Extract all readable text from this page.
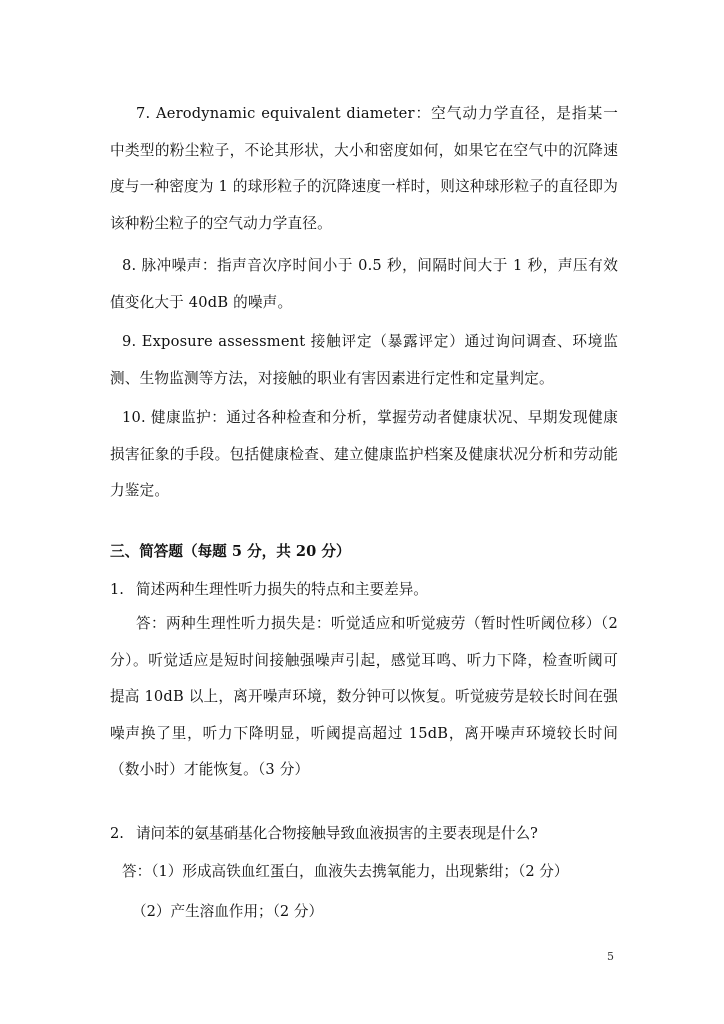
7. Aerodynamic equivalent diameter：空气动力学直径，是指某一中类型的粉尘粒子，不论其形状，大小和密度如何，如果它在空气中的沉降速度与一种密度为 1 的球形粒子的沉降速度一样时，则这种球形粒子的直径即为该种粉尘粒子的空气动力学直径。

8. 脉冲噪声：指声音次序时间小于 0.5 秒，间隔时间大于 1 秒，声压有效值变化大于 40dB 的噪声。

9. Exposure assessment 接触评定（暴露评定）通过询问调查、环境监测、生物监测等方法，对接触的职业有害因素进行定性和定量判定。

10. 健康监护：通过各种检查和分析，掌握劳动者健康状况、早期发现健康损害征象的手段。包括健康检查、建立健康监护档案及健康状况分析和劳动能力鉴定。

三、简答题（每题 5 分，共 20 分）

1. 简述两种生理性听力损失的特点和主要差异。

答：两种生理性听力损失是：听觉适应和听觉疲劳（暂时性听阈位移）（2 分）。听觉适应是短时间接触强噪声引起，感觉耳鸣、听力下降，检查听阈可提高 10dB 以上，离开噪声环境，数分钟可以恢复。听觉疲劳是较长时间在强噪声换了里，听力下降明显，听阈提高超过 15dB，离开噪声环境较长时间（数小时）才能恢复。（3 分）

2. 请问苯的氨基硝基化合物接触导致血液损害的主要表现是什么?

答：（1）形成高铁血红蛋白，血液失去携氧能力，出现紫绀；（2 分）

（2）产生溶血作用；（2 分）

5
